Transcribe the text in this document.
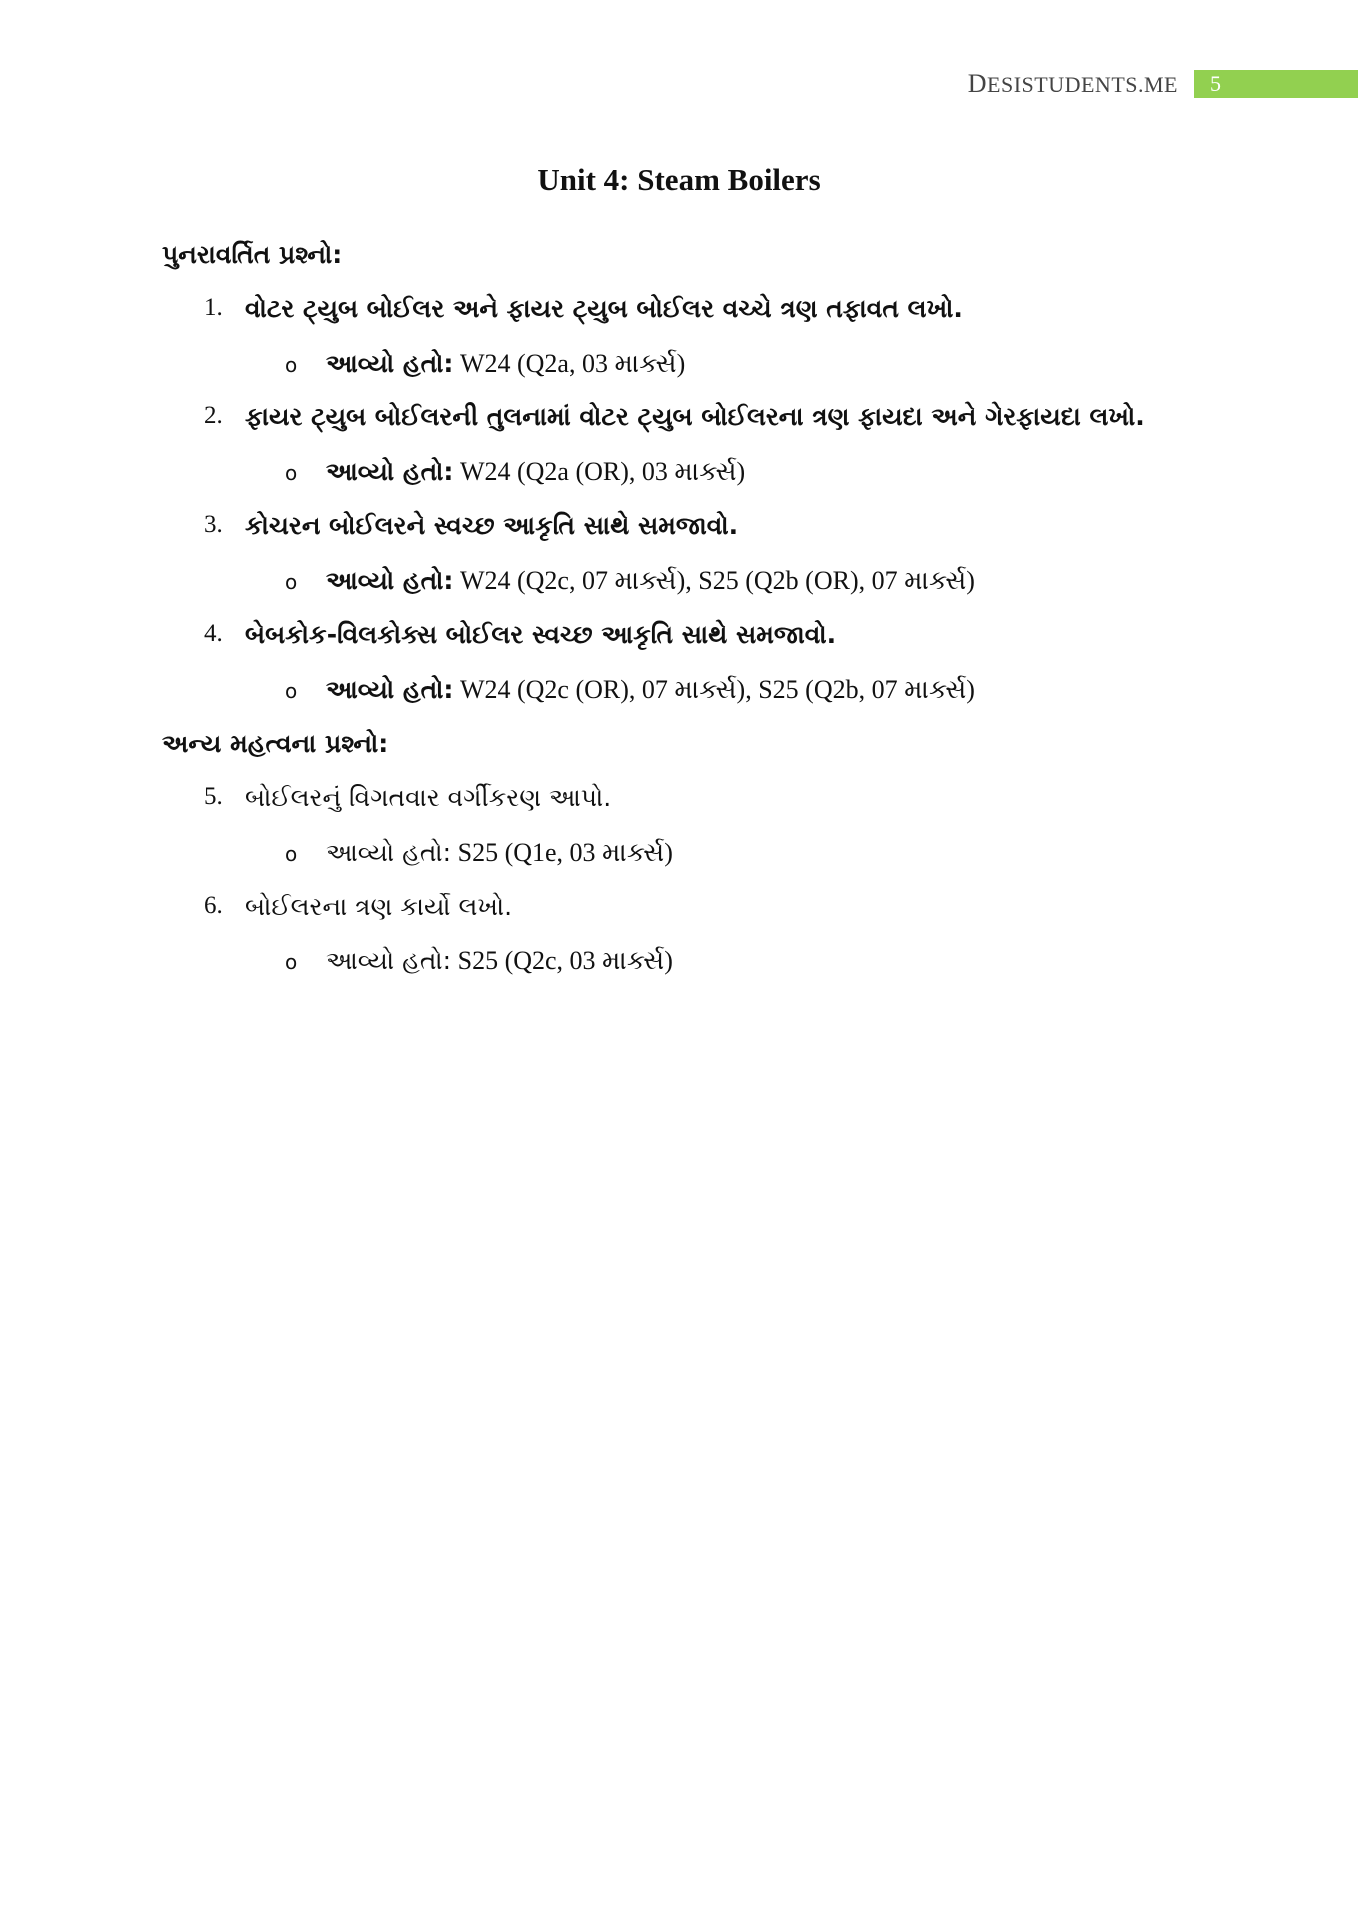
DESISTUDENTS.ME	5
Unit 4: Steam Boilers
પુનરાવર્તિત પ્રશ્નો:
1. વોટર ટ્યુબ બોઈલર અને ફાયર ટ્યુબ બોઈલર વચ્ચે ત્રણ તફાવત લખો.
o આવ્યો હતો: W24 (Q2a, 03 માર્ક્સ)
2. ફાયર ટ્યુબ બોઈલરની તુલનામાં વોટર ટ્યુબ બોઈલરના ત્રણ ફાયદા અને ગેરફાયદા લખો.
o આવ્યો હતો: W24 (Q2a (OR), 03 માર્ક્સ)
3. કોચરન બોઈલરને સ્વચ્છ આકૃતિ સાથે સમજાવો.
o આવ્યો હતો: W24 (Q2c, 07 માર્ક્સ), S25 (Q2b (OR), 07 માર્ક્સ)
4. બેબકોક-વિલકોક્સ બોઈલર સ્વચ્છ આકૃતિ સાથે સમજાવો.
o આવ્યો હતો: W24 (Q2c (OR), 07 માર્ક્સ), S25 (Q2b, 07 માર્ક્સ)
અન્ય મહત્વના પ્રશ્નો:
5. બોઈલરનું વિગતવાર વર્ગીકરણ આપો.
o આવ્યો હતો: S25 (Q1e, 03 માર્ક્સ)
6. બોઈલરના ત્રણ કાર્યો લખો.
o આવ્યો હતો: S25 (Q2c, 03 માર્ક્સ)
